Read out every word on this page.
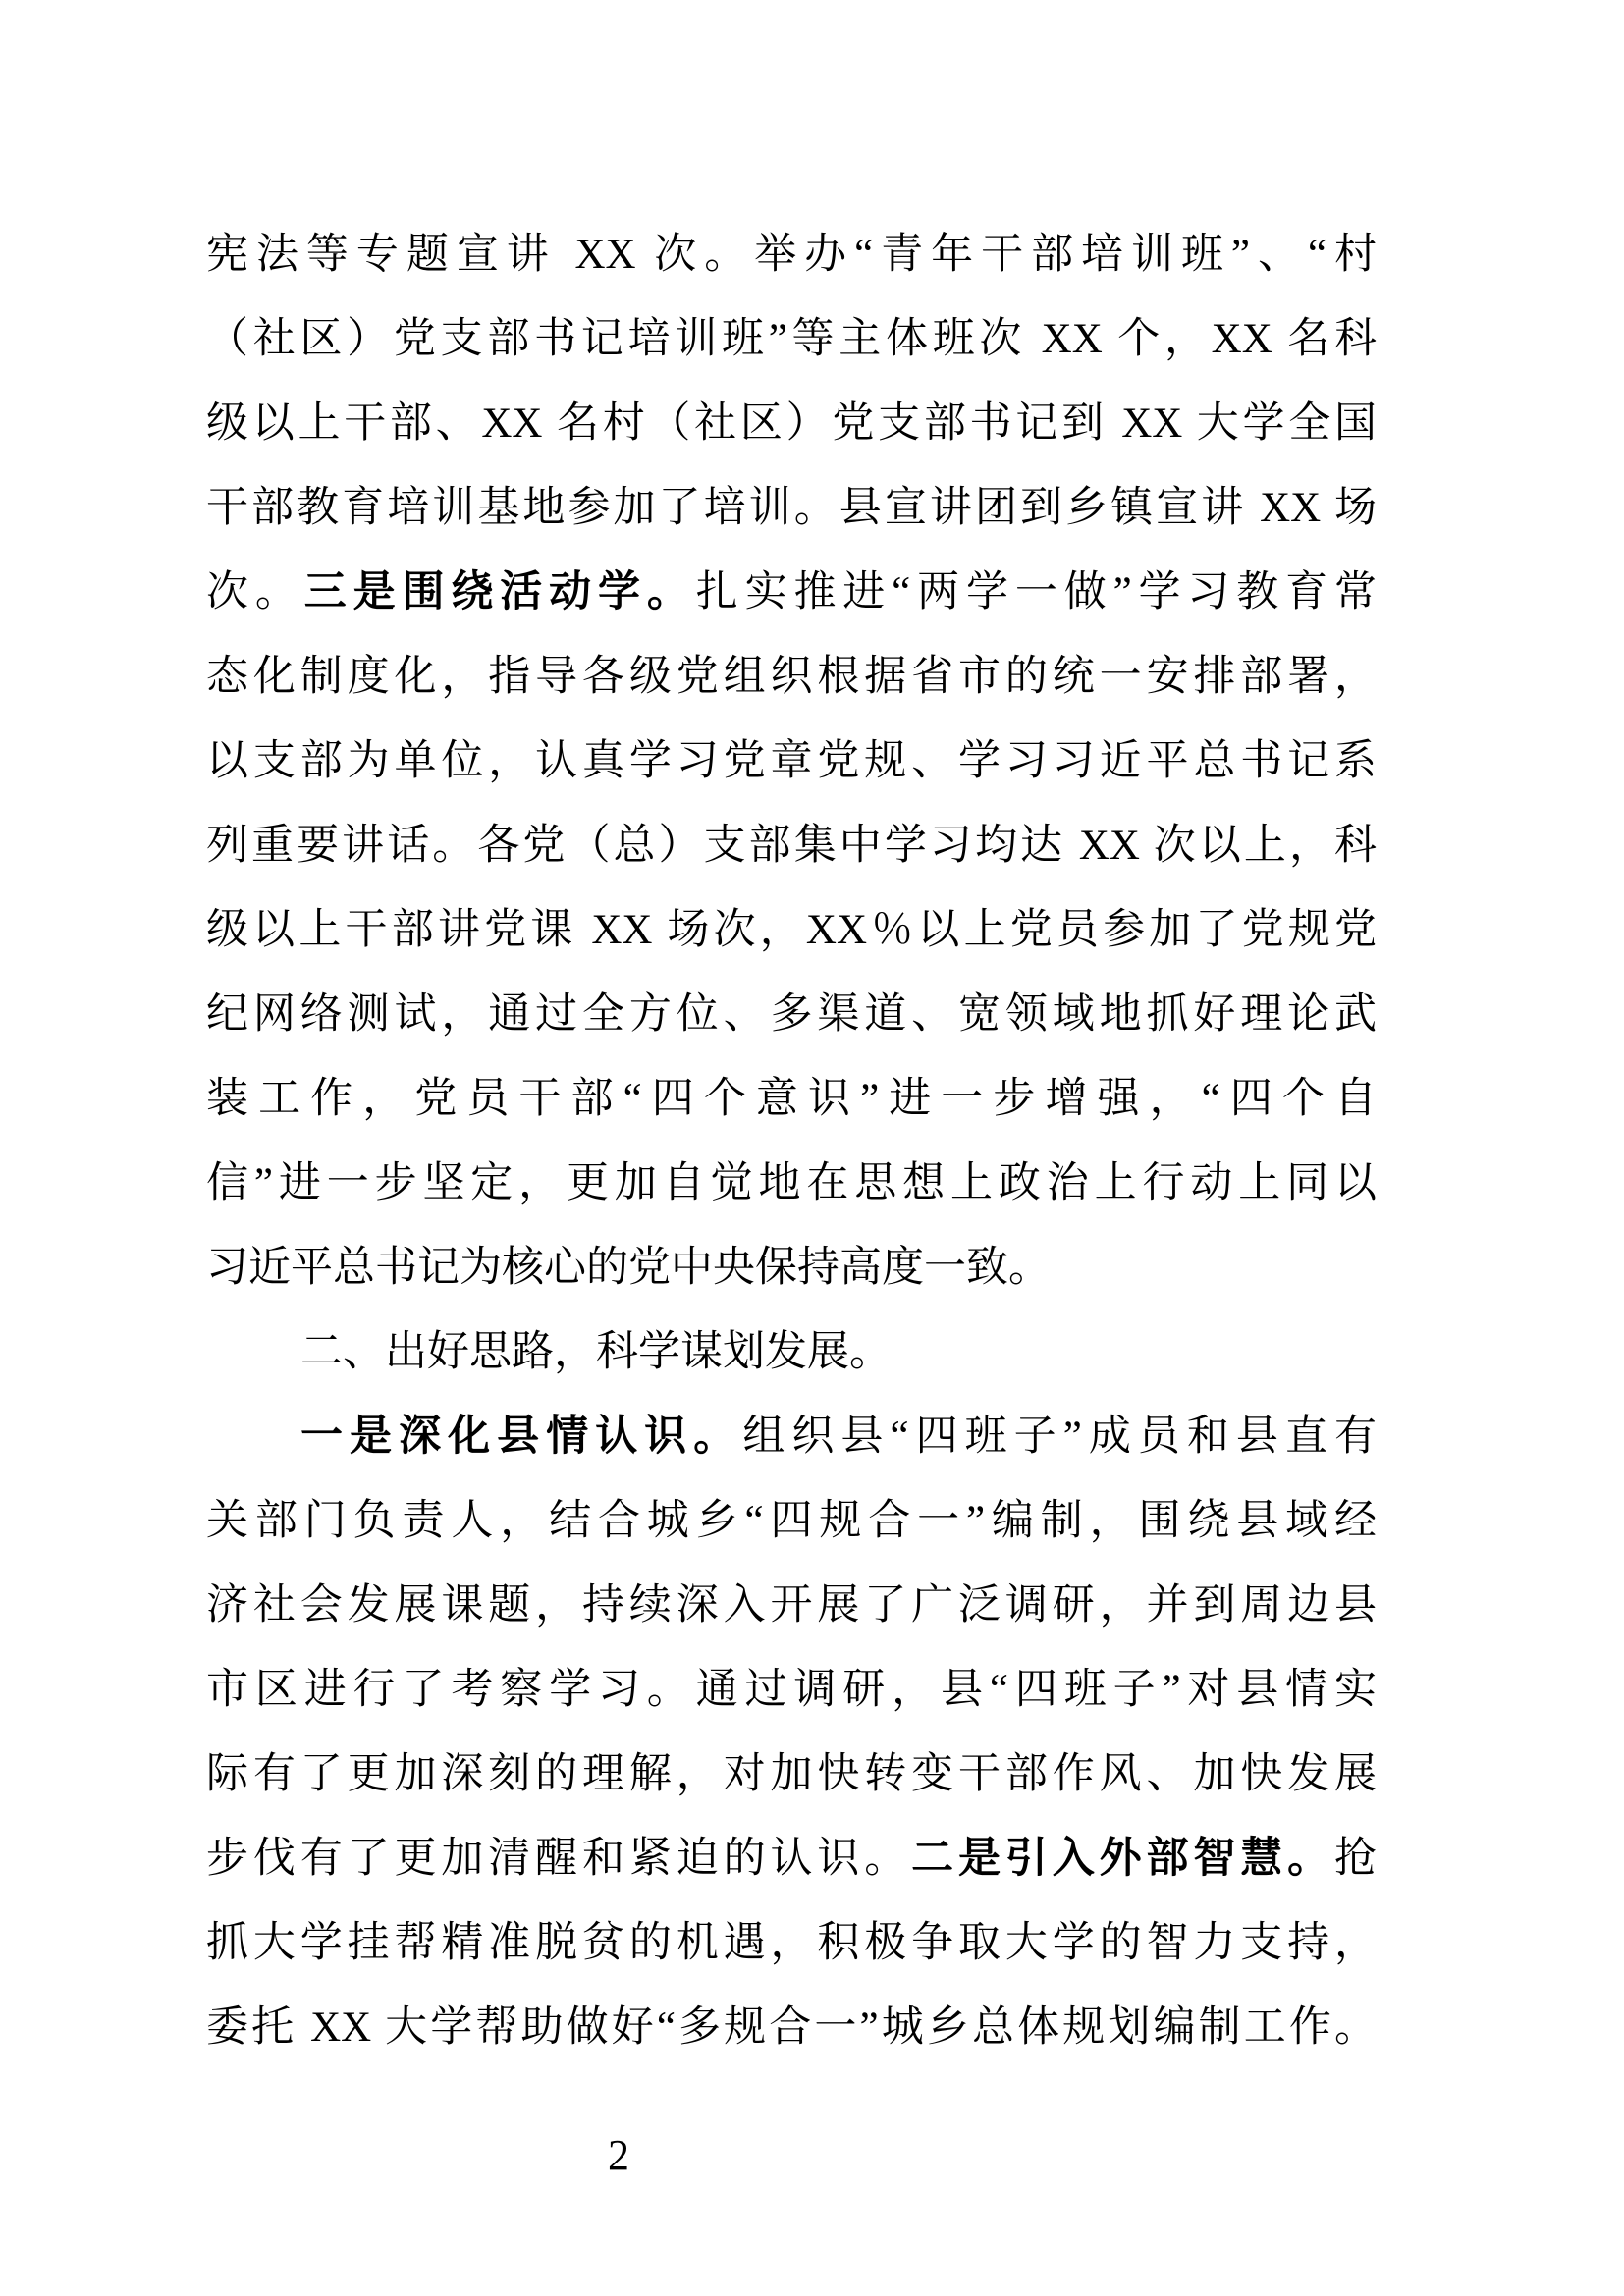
宪法等专题宣讲 XX 次。举办“青年干部培训班”、“村
（社区）党支部书记培训班”等主体班次 XX 个，XX 名科
级以上干部、XX 名村（社区）党支部书记到 XX 大学全国
干部教育培训基地参加了培训。县宣讲团到乡镇宣讲 XX 场
次。三是围绕活动学。扎实推进“两学一做”学习教育常
态化制度化，指导各级党组织根据省市的统一安排部署，
以支部为单位，认真学习党章党规、学习习近平总书记系
列重要讲话。各党（总）支部集中学习均达 XX 次以上，科
级以上干部讲党课 XX 场次，XX％以上党员参加了党规党
纪网络测试，通过全方位、多渠道、宽领域地抓好理论武
装工作，党员干部“四个意识”进一步增强，“四个自
信”进一步坚定，更加自觉地在思想上政治上行动上同以
习近平总书记为核心的党中央保持高度一致。
二、出好思路，科学谋划发展。
一是深化县情认识。组织县“四班子”成员和县直有
关部门负责人，结合城乡“四规合一”编制，围绕县域经
济社会发展课题，持续深入开展了广泛调研，并到周边县
市区进行了考察学习。通过调研，县“四班子”对县情实
际有了更加深刻的理解，对加快转变干部作风、加快发展
步伐有了更加清醒和紧迫的认识。二是引入外部智慧。抢
抓大学挂帮精准脱贫的机遇，积极争取大学的智力支持，
委托 XX 大学帮助做好“多规合一”城乡总体规划编制工作。
2
